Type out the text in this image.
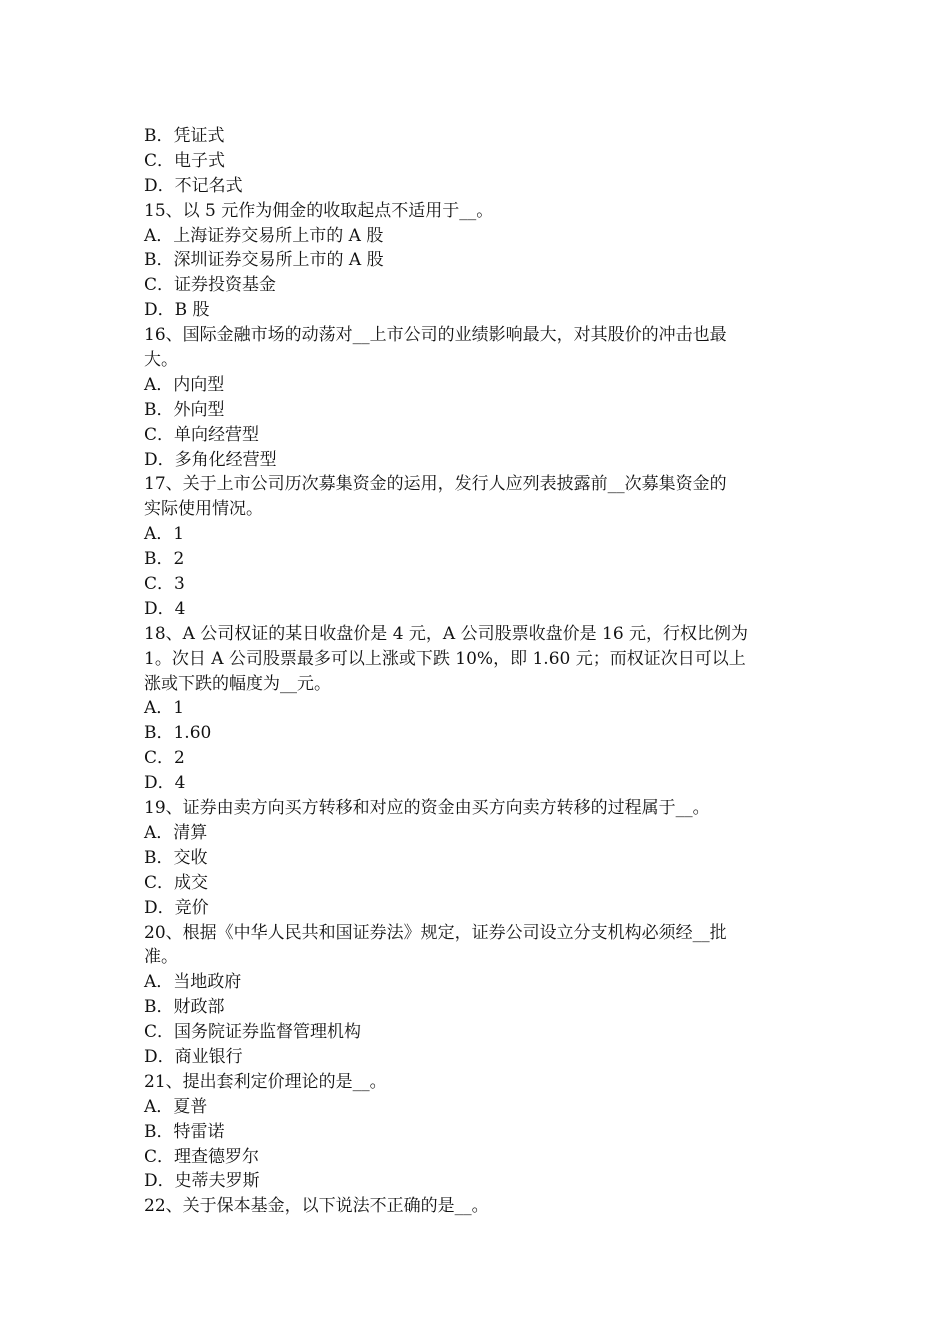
B．凭证式
C．电子式
D．不记名式
15、以 5 元作为佣金的收取起点不适用于__。
A．上海证券交易所上市的 A 股
B．深圳证券交易所上市的 A 股
C．证券投资基金
D．B 股
16、国际金融市场的动荡对__上市公司的业绩影响最大，对其股价的冲击也最
大。
A．内向型
B．外向型
C．单向经营型
D．多角化经营型
17、关于上市公司历次募集资金的运用，发行人应列表披露前__次募集资金的
实际使用情况。
A．1
B．2
C．3
D．4
18、A 公司权证的某日收盘价是 4 元，A 公司股票收盘价是 16 元，行权比例为
1。次日 A 公司股票最多可以上涨或下跌 10%，即 1.60 元；而权证次日可以上
涨或下跌的幅度为__元。
A．1
B．1.60
C．2
D．4
19、证券由卖方向买方转移和对应的资金由买方向卖方转移的过程属于__。
A．清算
B．交收
C．成交
D．竞价
20、根据《中华人民共和国证券法》规定，证券公司设立分支机构必须经__批
准。
A．当地政府
B．财政部
C．国务院证券监督管理机构
D．商业银行
21、提出套利定价理论的是__。
A．夏普
B．特雷诺
C．理查德罗尔
D．史蒂夫罗斯
22、关于保本基金，以下说法不正确的是__。
